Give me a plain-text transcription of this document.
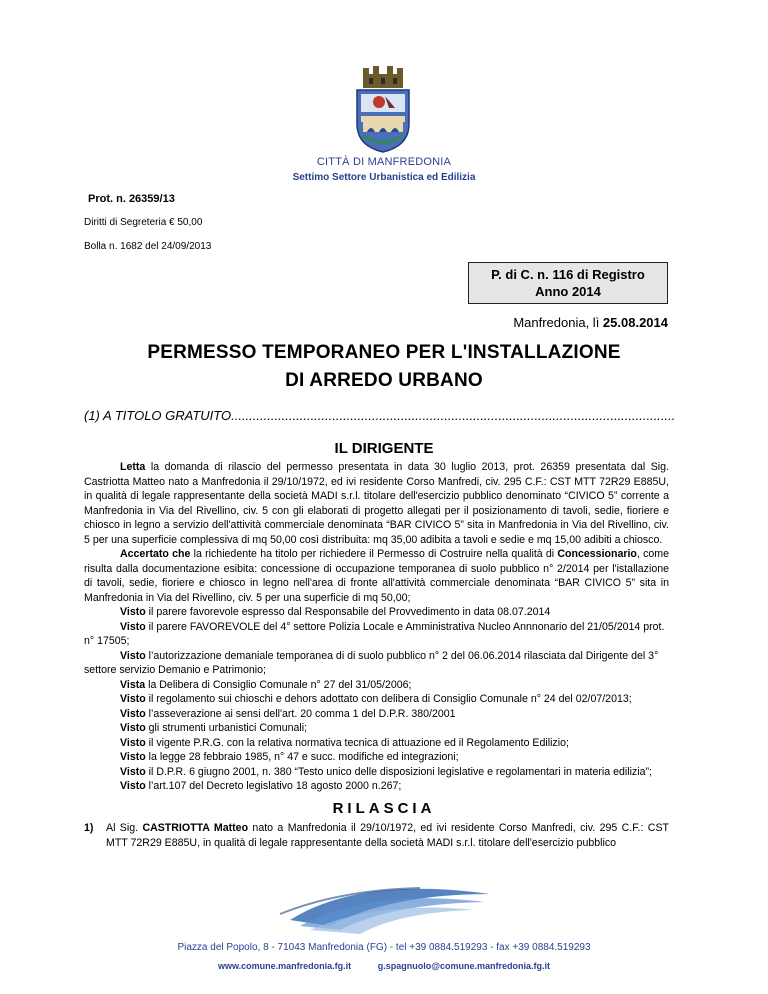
CITTÀ DI MANFREDONIA
Settimo Settore Urbanistica ed Edilizia
Prot. n. 26359/13
Diritti di Segreteria € 50,00
Bolla n. 1682 del 24/09/2013
P. di C. n. 116 di Registro
Anno 2014
Manfredonia, lì 25.08.2014
PERMESSO TEMPORANEO PER L'INSTALLAZIONE
DI ARREDO URBANO
(1) A TITOLO GRATUITO...........................................................................................................................
IL DIRIGENTE

Letta la domanda di rilascio del permesso presentata in data 30 luglio 2013, prot. 26359 presentata dal Sig. Castriotta Matteo nato a Manfredonia il 29/10/1972, ed ivi residente Corso Manfredi, civ. 295 C.F.: CST MTT 72R29 E885U, in qualità di legale rappresentante della società MADI s.r.l. titolare dell'esercizio pubblico denominato “CIVICO 5” corrente a Manfredonia in Via del Rivellino, civ. 5 con gli elaborati di progetto allegati per il posizionamento di tavoli, sedie, fioriere e chiosco in legno a servizio dell'attività commerciale denominata “BAR CIVICO 5” sita in Manfredonia in Via del Rivellino, civ. 5 per una superficie complessiva di mq 50,00 così distribuita: mq 35,00 adibita a tavoli e sedie e mq 15,00 adibiti a chiosco.

Accertato che la richiedente ha titolo per richiedere il Permesso di Costruire nella qualità di Concessionario, come risulta dalla documentazione esibita: concessione di occupazione temporanea di suolo pubblico n° 2/2014 per l'istallazione di tavoli, sedie, fioriere e chiosco in legno nell'area di fronte all'attività commerciale denominata “BAR CIVICO 5” sita in Manfredonia in Via del Rivellino, civ. 5 per una superficie di mq 50,00;

Visto il parere favorevole espresso dal Responsabile del Provvedimento in data 08.07.2014

Visto il parere FAVOREVOLE del 4° settore Polizia Locale e Amministrativa Nucleo Annnonario del 21/05/2014 prot. n° 17505;

Visto l’autorizzazione demaniale temporanea di di suolo pubblico n° 2 del 06.06.2014 rilasciata dal Dirigente del 3° settore servizio Demanio e Patrimonio;

Vista la Delibera di Consiglio Comunale n° 27 del 31/05/2006;

Visto il regolamento sui chioschi e dehors adottato con delibera di Consiglio Comunale n° 24 del 02/07/2013;

Visto l’asseverazione ai sensi dell'art. 20 comma 1 del D.P.R. 380/2001

Visto gli strumenti urbanistici Comunali;

Visto il vigente P.R.G. con la relativa normativa tecnica di attuazione ed il Regolamento Edilizio;

Visto la legge 28 febbraio 1985, n° 47 e succ. modifiche ed integrazioni;

Visto il D.P.R. 6 giugno 2001, n. 380 “Testo unico delle disposizioni legislative e regolamentari in materia edilizia”;

Visto l’art.107 del Decreto legislativo 18 agosto 2000 n.267;

RILASCIA
1) Al Sig. CASTRIOTTA Matteo nato a Manfredonia il 29/10/1972, ed ivi residente Corso Manfredi, civ. 295 C.F.: CST MTT 72R29 E885U, in qualità di legale rappresentante della società MADI s.r.l. titolare dell'esercizio pubblico
Piazza del Popolo, 8 - 71043 Manfredonia (FG) - tel +39 0884.519293 - fax +39 0884.519293
www.comune.manfredonia.fg.it	g.spagnuolo@comune.manfredonia.fg.it
